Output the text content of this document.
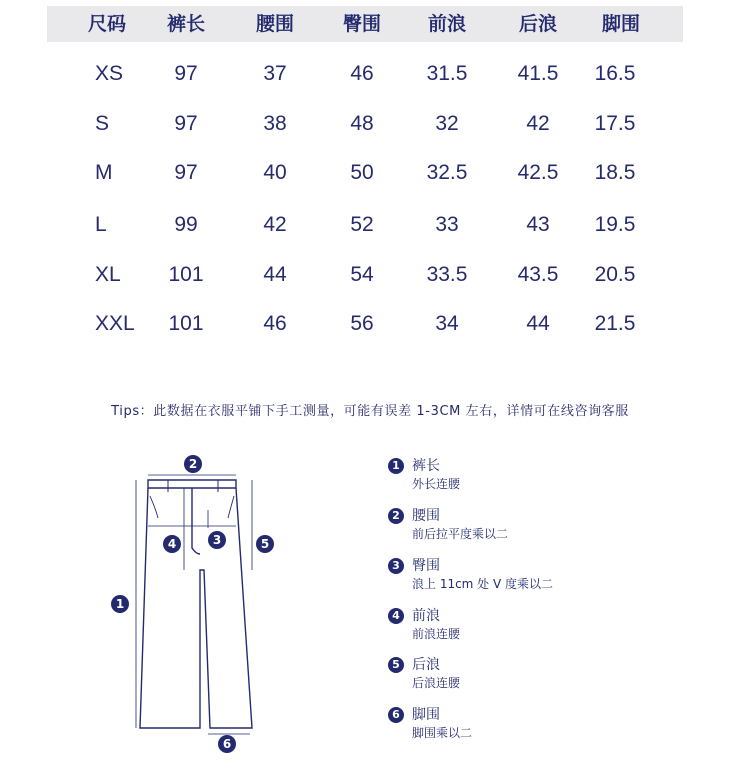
尺码	裤长	腰围	臀围	前浪	后浪	脚围
XS	97	37	46	31.5	41.5	16.5
S	97	38	48	32	42	17.5
M	97	40	50	32.5	42.5	18.5
L	99	42	52	33	43	19.5
XL	101	44	54	33.5	43.5	20.5
XXL	101	46	56	34	44	21.5
Tips：此数据在衣服平铺下手工测量，可能有误差 1-3CM 左右，详情可在线咨询客服
2
1
3
4	5
6
1 裤长
外长连腰
2 腰围
前后拉平度乘以二
3 臀围
浪上 11cm 处 V 度乘以二
4 前浪
前浪连腰
5 后浪
后浪连腰
6 脚围
脚围乘以二
